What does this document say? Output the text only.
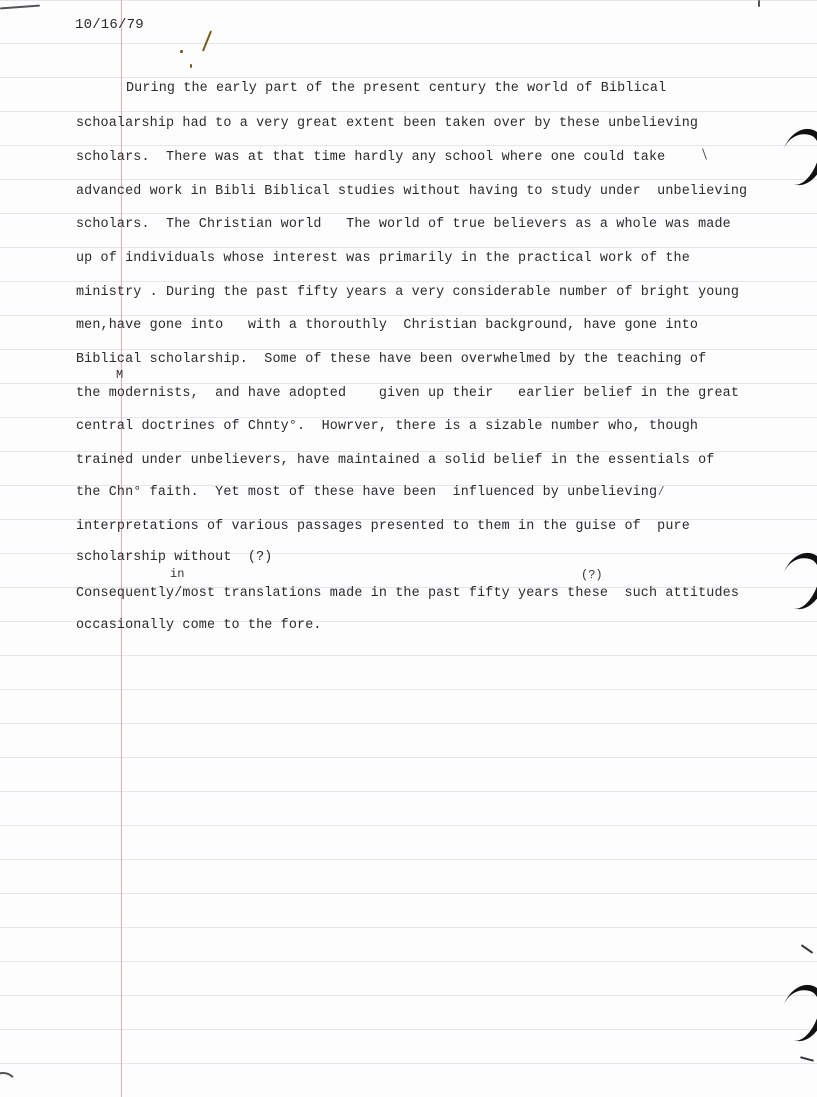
10/16/79
During the early part of the present century the world of Biblical
schoalarship had to a very great extent been taken over by these unbelieving
scholars.  There was at that time hardly any school where one could take
advanced work in Bibli Biblical studies without having to study under  unbelieving
scholars.  The Christian world   The world of true believers as a whole was made
up of individuals whose interest was primarily in the practical work of the
ministry . During the past fifty years a very considerable number of bright young
men,have gone into   with a thorouthly  Christian background, have gone into
Biblical scholarship.  Some of these have been overwhelmed by the teaching of
M
the modernists,  and have adopted    given up their   earlier belief in the great
central doctrines of Chnty°.  Howrver, there is a sizable number who, though
trained under unbelievers, have maintained a solid belief in the essentials of
the Chn° faith.  Yet most of these have been  influenced by unbelieving⁄
interpretations of various passages presented to them in the guise of  pure
scholarship without  (?)
in	(?)
Consequently/most translations made in the past fifty years these  such attitudes
occasionally come to the fore.
